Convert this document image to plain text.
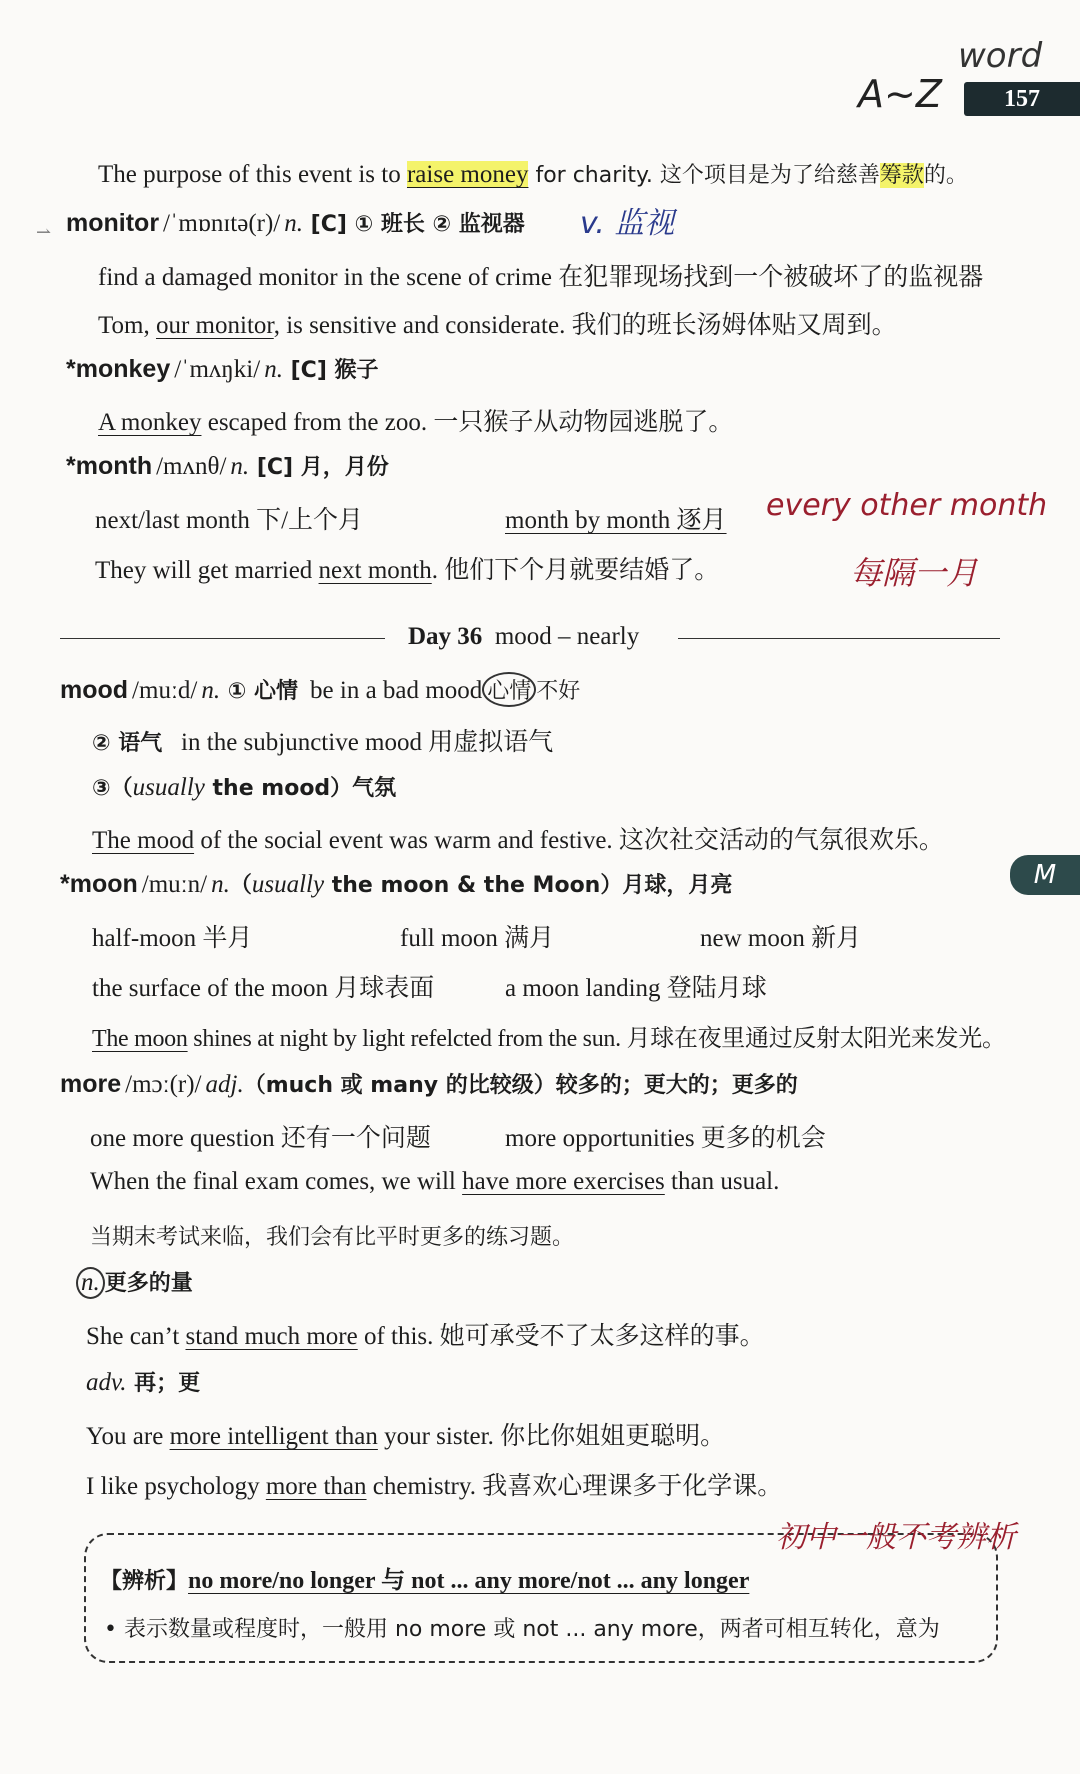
word
A~Z	157
The purpose of this event is to raise money for charity. 这个项目是为了给慈善筹款的。
⇀ monitor /ˈmɒnɪtə(r)/ n. [C] ① 班长 ② 监视器 v. 监视
find a damaged monitor in the scene of crime 在犯罪现场找到一个被破坏了的监视器
Tom, our monitor, is sensitive and considerate. 我们的班长汤姆体贴又周到。
*monkey /ˈmʌŋki/ n. [C] 猴子
A monkey escaped from the zoo. 一只猴子从动物园逃脱了。
*month /mʌnθ/ n. [C] 月，月份
next/last month 下/上个月	month by month 逐月 every other month
每隔一月
They will get married next month. 他们下个月就要结婚了。
Day 36 mood – nearly
mood /muːd/ n. ① 心情 be in a bad mood 心情 不好
② 语气 in the subjunctive mood 用虚拟语气
③（usually the mood）气氛
The mood of the social event was warm and festive. 这次社交活动的气氛很欢乐。
*moon /muːn/ n.（usually the moon & the Moon）月球，月亮
half-moon 半月	full moon 满月	new moon 新月
the surface of the moon 月球表面	a moon landing 登陆月球
The moon shines at night by light refelcted from the sun. 月球在夜里通过反射太阳光来发光。
more /mɔː(r)/ adj.（much 或 many 的比较级）较多的；更大的；更多的
one more question 还有一个问题	more opportunities 更多的机会
When the final exam comes, we will have more exercises than usual.
当期末考试来临，我们会有比平时更多的练习题。
n. 更多的量
She can’t stand much more of this. 她可承受不了太多这样的事。
adv. 再；更
You are more intelligent than your sister. 你比你姐姐更聪明。
I like psychology more than chemistry. 我喜欢心理课多于化学课。
M
初中一般不考辨析
【辨析】no more/no longer 与 not ... any more/not ... any longer
• 表示数量或程度时，一般用 no more 或 not ... any more，两者可相互转化，意为
